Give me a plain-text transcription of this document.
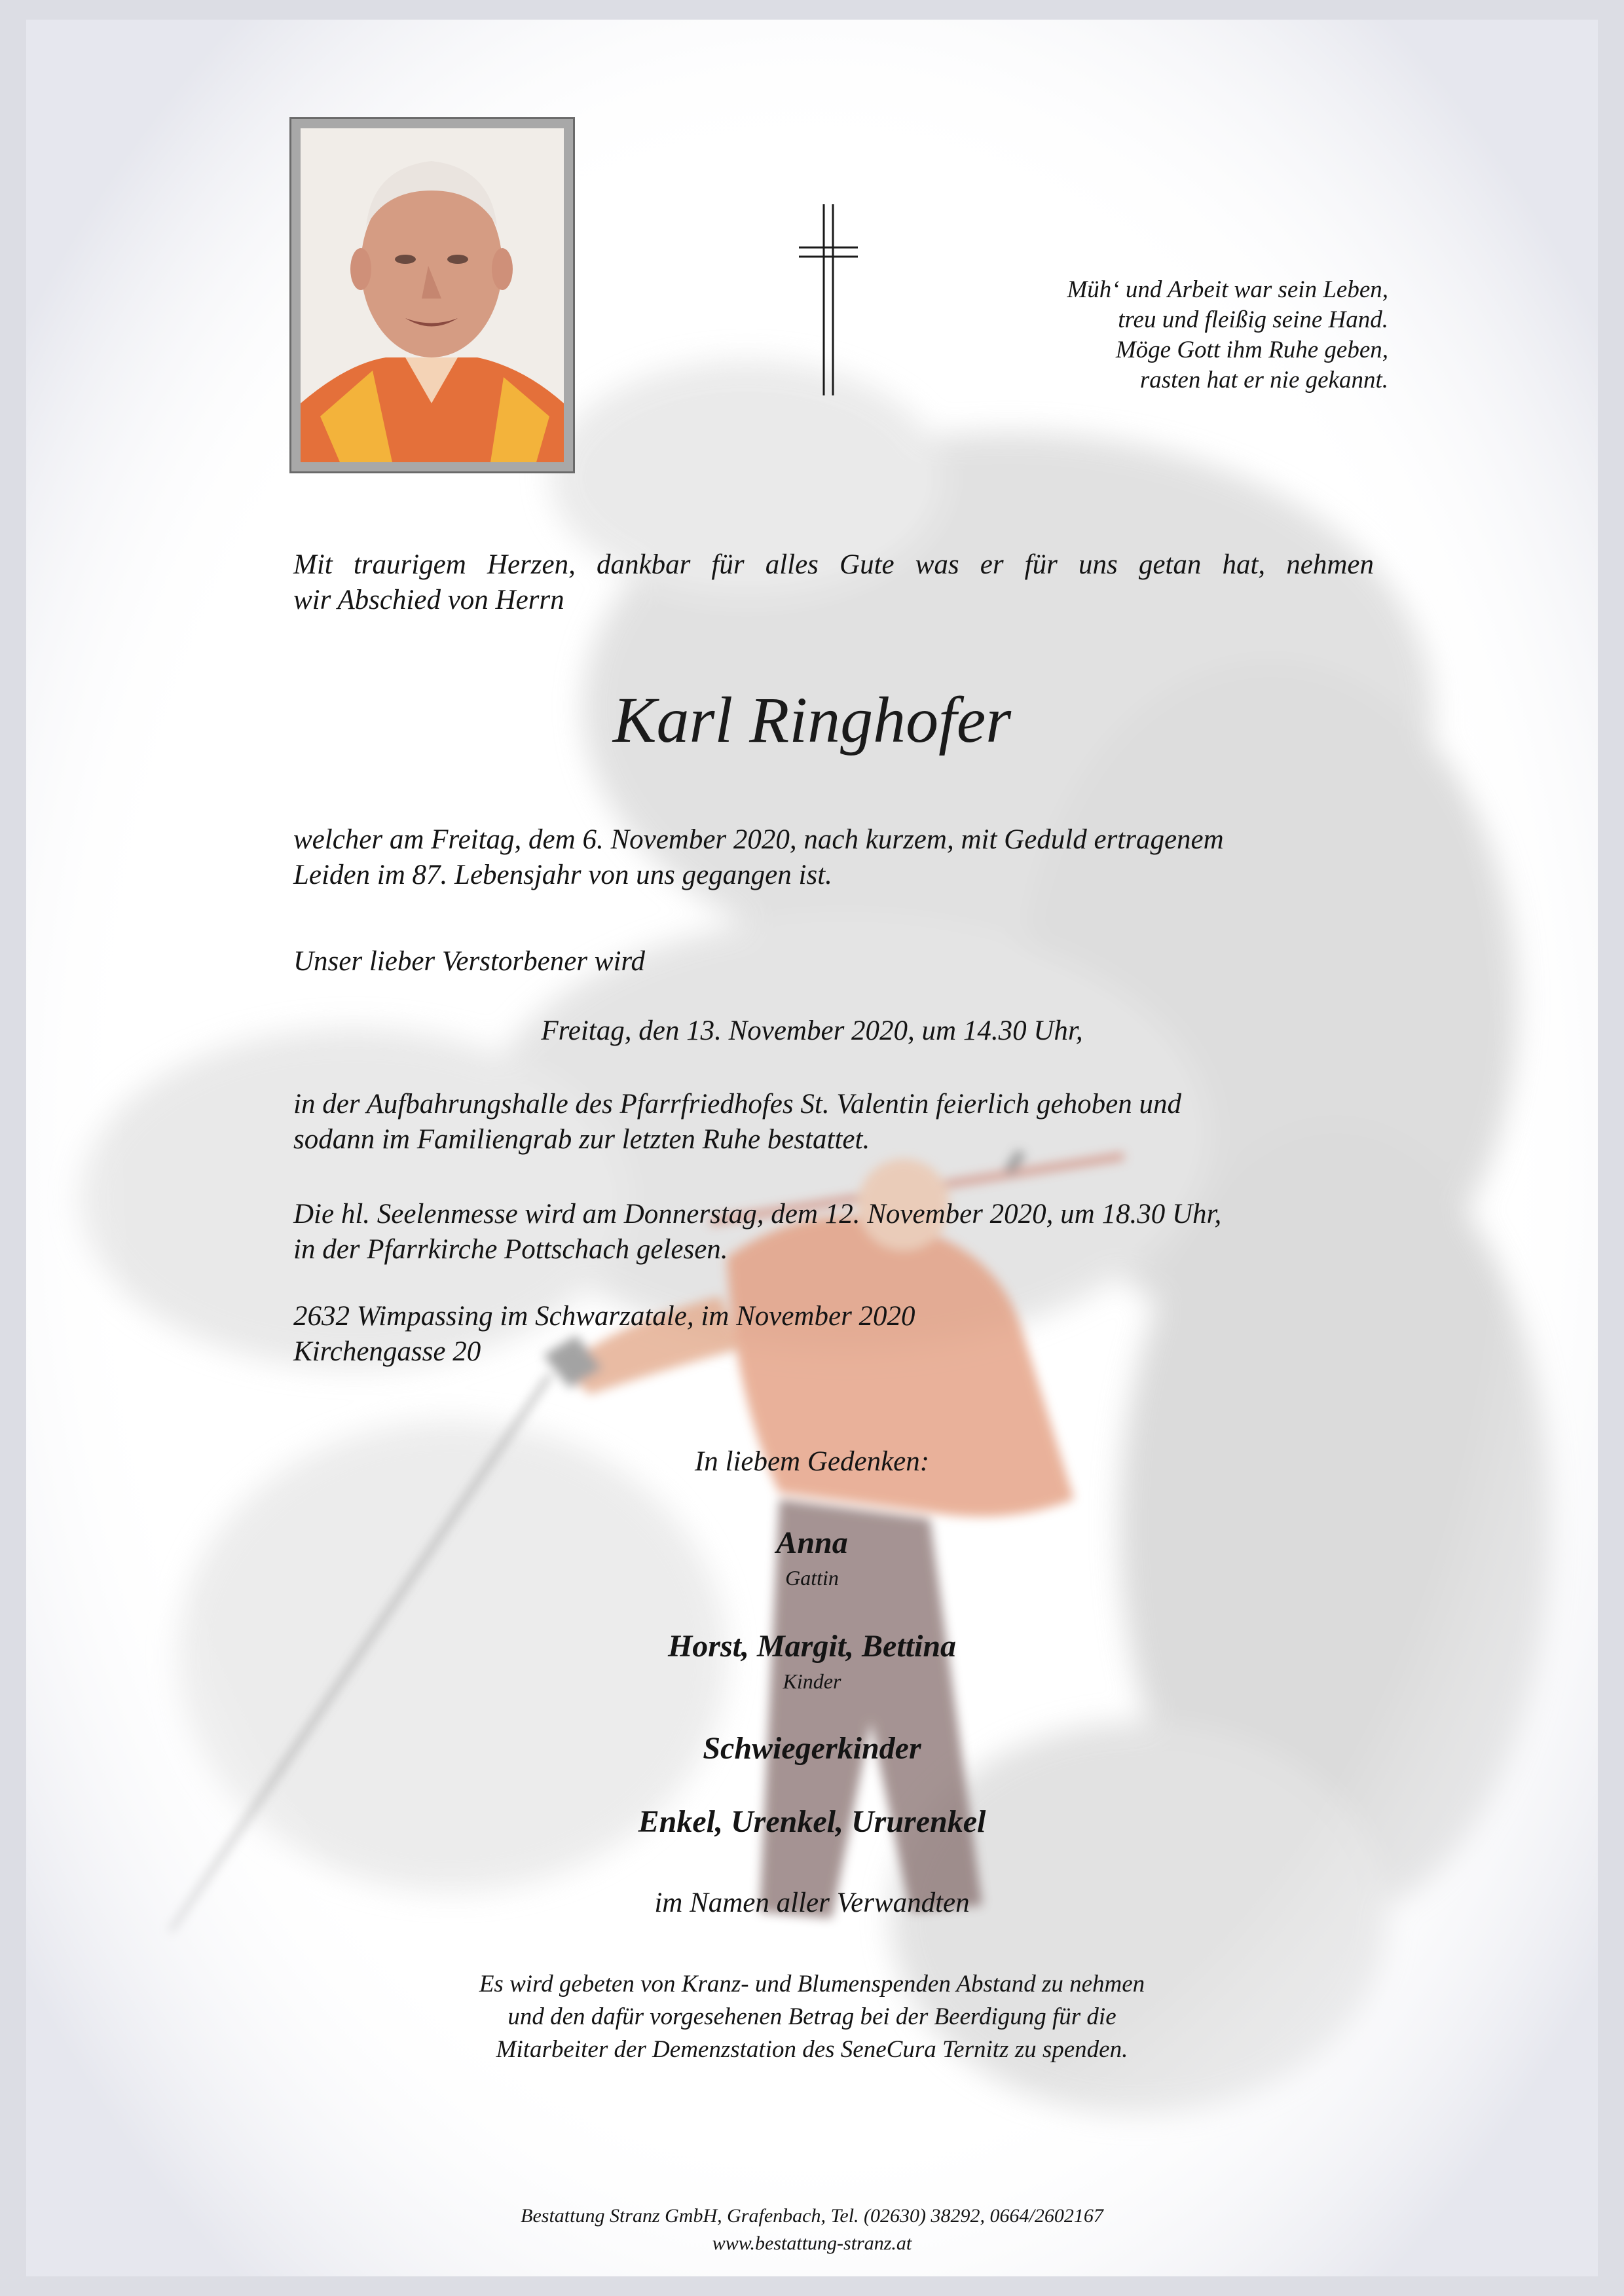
Müh‘ und Arbeit war sein Leben,
treu und fleißig seine Hand.
Möge Gott ihm Ruhe geben,
rasten hat er nie gekannt.
Mit traurigem Herzen, dankbar für alles Gute was er für uns getan hat, nehmen
wir Abschied von Herrn
Karl Ringhofer
welcher am Freitag, dem 6. November 2020, nach kurzem, mit Geduld ertragenem
Leiden im 87. Lebensjahr von uns gegangen ist.
Unser lieber Verstorbener wird
Freitag, den 13. November 2020, um 14.30 Uhr,
in der Aufbahrungshalle des Pfarrfriedhofes St. Valentin feierlich gehoben und
sodann im Familiengrab zur letzten Ruhe bestattet.
Die hl. Seelenmesse wird am Donnerstag, dem 12. November 2020, um 18.30 Uhr,
in der Pfarrkirche Pottschach gelesen.
2632 Wimpassing im Schwarzatale, im November 2020
Kirchengasse 20
In liebem Gedenken:
Anna
Gattin
Horst, Margit, Bettina
Kinder
Schwiegerkinder
Enkel, Urenkel, Ururenkel
im Namen aller Verwandten
Es wird gebeten von Kranz- und Blumenspenden Abstand zu nehmen
und den dafür vorgesehenen Betrag bei der Beerdigung für die
Mitarbeiter der Demenzstation des SeneCura Ternitz zu spenden.
Bestattung Stranz GmbH, Grafenbach, Tel. (02630) 38292, 0664/2602167
www.bestattung-stranz.at
